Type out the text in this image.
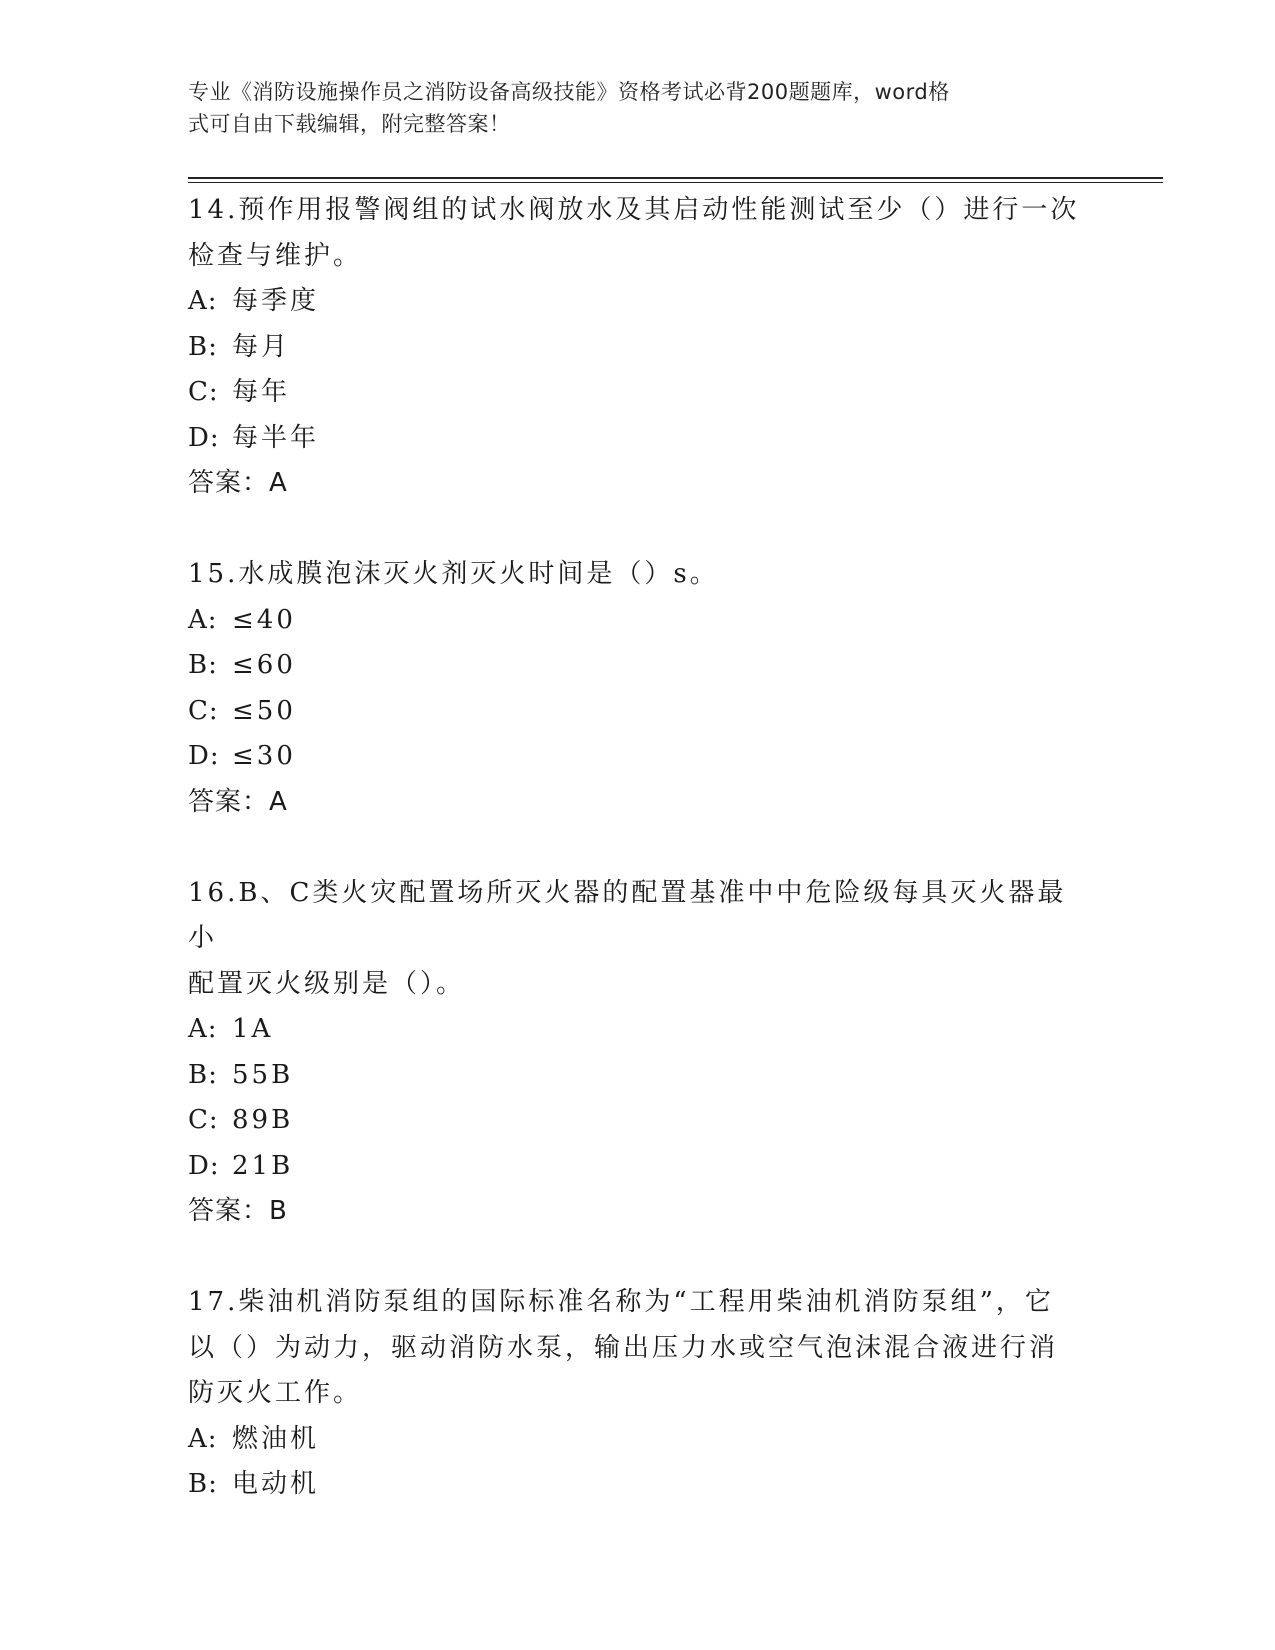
专业《消防设施操作员之消防设备高级技能》资格考试必背200题题库，word格
式可自由下载编辑，附完整答案！
14.预作用报警阀组的试水阀放水及其启动性能测试至少（）进行一次
检查与维护。
A: 每季度
B: 每月
C: 每年
D: 每半年
答案：A
15.水成膜泡沫灭火剂灭火时间是（）s。
A: ≤40
B: ≤60
C: ≤50
D: ≤30
答案：A
16.B、C类火灾配置场所灭火器的配置基准中中危险级每具灭火器最小
配置灭火级别是（）。
A: 1A
B: 55B
C: 89B
D: 21B
答案：B
17.柴油机消防泵组的国际标准名称为“工程用柴油机消防泵组”，它
以（）为动力，驱动消防水泵，输出压力水或空气泡沫混合液进行消
防灭火工作。
A: 燃油机
B: 电动机
